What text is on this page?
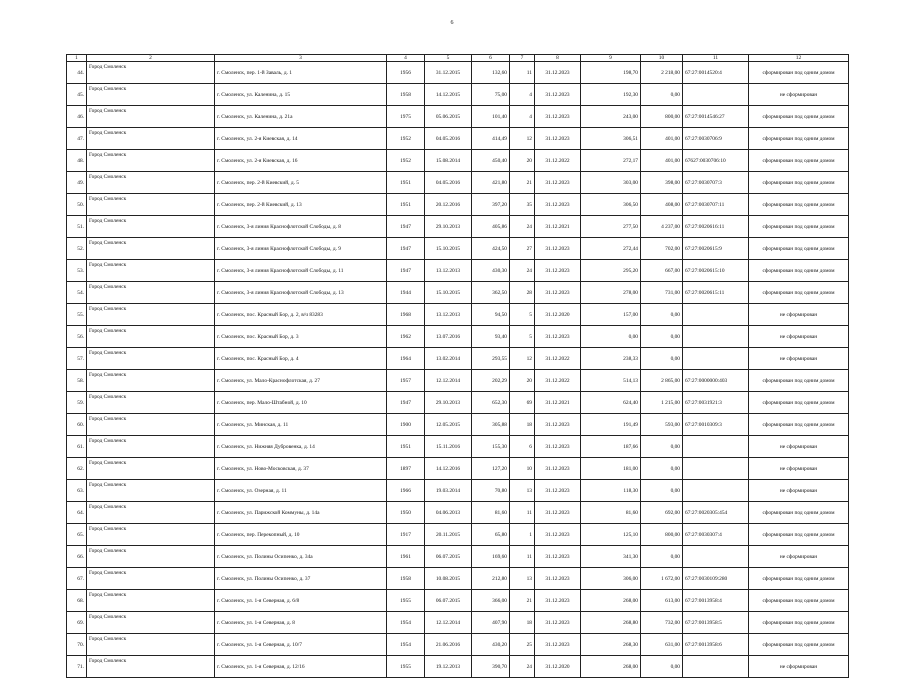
6
1	2	3	4	5	6	7	8	9	10	11	12
44.	Город Смоленск	г. Смоленск, пер. 1-й Заваль, д. 1	1956	31.12.2015	132,60	11	31.12.2023	198,70	2 218,00	67:27:0014520:4	сформирован под одним домом
45.	Город Смоленск	г. Смоленск, ул. Каленина, д. 15	1958	14.12.2015	75,00	4	31.12.2023	192,30	0,00		не сформирован
46.	Город Смоленск	г. Смоленск, ул. Каленина, д. 21а	1975	05.06.2015	101,40	4	31.12.2023	243,00	800,00	67:27:0014546:27	сформирован под одним домом
47.	Город Смоленск	г. Смоленск, ул. 2-я Киевская, д. 14	1952	04.05.2016	414,49	12	31.12.2023	306,51	401,00	67:27:0030706:9	сформирован под одним домом
48.	Город Смоленск	г. Смоленск, ул. 2-я Киевская, д. 16	1952	15.08.2014	450,40	20	31.12.2022	272,17	401,00	67627:0030706:10	сформирован под одним домом
49.	Город Смоленск	г. Смоленск, пер. 2-й Киевский, д. 5	1951	04.05.2016	421,80	21	31.12.2023	303,00	398,00	67:27:0030707:3	сформирован под одним домом
50.	Город Смоленск	г. Смоленск, пер. 2-й Киевский, д. 13	1951	20.12.2016	397,20	35	31.12.2023	306,50	408,00	67:27:0030707:11	сформирован под одним домом
51.	Город Смоленск	г. Смоленск, 3-я линия Краснофлотской Слободы, д. 8	1947	29.10.2013	405,86	24	31.12.2021	277,50	4 237,00	67:27:0020616:11	сформирован под одним домом
52.	Город Смоленск	г. Смоленск, 3-я линия Краснофлотской Слободы, д. 9	1947	15.10.2015	424,50	27	31.12.2023	272,44	702,00	67:27:0020615:9	сформирован под одним домом
53.	Город Смоленск	г. Смоленск, 3-я линия Краснофлотской Слободы, д. 11	1947	13.12.2013	430,30	24	31.12.2023	295,20	667,00	67:27:0020615:10	сформирован под одним домом
54.	Город Смоленск	г. Смоленск, 3-я линия Краснофлотской Слободы, д. 13	1944	15.10.2015	362,50	28	31.12.2023	278,00	731,00	67:27:0020615:11	сформирован под одним домом
55.	Город Смоленск	г. Смоленск, пос. Красный Бор, д. 2, в/ч 83283	1968	13.12.2013	94,50	5	31.12.2020	157,00	0,00		не сформирован
56.	Город Смоленск	г. Смоленск, пос. Красный Бор, д. 3	1962	13.07.2016	93,40	5	31.12.2023	0,00	0,00		не сформирован
57.	Город Смоленск	г. Смоленск, пос. Красный Бор, д. 4	1964	13.02.2014	293,55	12	31.12.2022	238,33	0,00		не сформирован
58.	Город Смоленск	г. Смоленск, ул. Мало-Краснофлотская, д. 27	1957	12.12.2014	202,29	20	31.12.2022	514,13	2 865,00	67:27:0000000:403	сформирован под одним домом
59.	Город Смоленск	г. Смоленск, пер. Мало-Штабной, д. 10	1947	29.10.2013	652,30	69	31.12.2021	624,40	1 215,00	67:27:0031921:3	сформирован под одним домом
60.	Город Смоленск	г. Смоленск, ул. Минская, д. 11	1900	12.05.2015	305,88	18	31.12.2023	191,49	593,00	67:27:0010309:3	сформирован под одним домом
61.	Город Смоленск	г. Смоленск, ул. Нижняя Дубровенка, д. 14	1951	15.11.2016	155,30	6	31.12.2023	187,66	0,00		не сформирован
62.	Город Смоленск	г. Смоленск, ул. Ново-Московская, д. 37	1897	14.12.2016	127,20	10	31.12.2023	181,00	0,00		не сформирован
63.	Город Смоленск	г. Смоленск, ул. Озерная, д. 11	1966	19.03.2014	70,80	13	31.12.2023	118,30	0,00		не сформирован
64.	Город Смоленск	г. Смоленск, ул. Парижской Коммуны, д. 14а	1950	04.06.2013	81,60	11	31.12.2023	81,60	692,00	67:27:0020305:454	сформирован под одним домом
65.	Город Смоленск	г. Смоленск, пер. Перекопный, д. 10	1917	20.11.2015	65,80	1	31.12.2023	125,10	800,00	67:27:0030307:4	сформирован под одним домом
66.	Город Смоленск	г. Смоленск, ул. Полины Осипенко, д. 34а	1961	06.07.2015	169,60	11	31.12.2023	341,30	0,00		не сформирован
67.	Город Смоленск	г. Смоленск, ул. Полины Осипенко, д. 37	1958	10.08.2015	212,80	13	31.12.2023	306,00	1 672,00	67:27:0030109:280	сформирован под одним домом
68.	Город Смоленск	г. Смоленск, ул. 1-я Северная, д. 6/8	1955	06.07.2015	366,00	21	31.12.2023	268,00	613,00	67:27:0013958:4	сформирован под одним домом
69.	Город Смоленск	г. Смоленск, ул. 1-я Северная, д. 8	1954	12.12.2014	407,90	18	31.12.2023	268,80	732,00	67:27:0013958:5	сформирован под одним домом
70.	Город Смоленск	г. Смоленск, ул. 1-я Северная, д. 10/7	1954	21.06.2016	430,20	25	31.12.2023	268,30	631,00	67:27:0013958:6	сформирован под одним домом
71.	Город Смоленск	г. Смоленск, ул. 1-я Северная, д. 12/16	1955	19.12.2013	390,70	24	31.12.2020	268,00	0,00		не сформирован
